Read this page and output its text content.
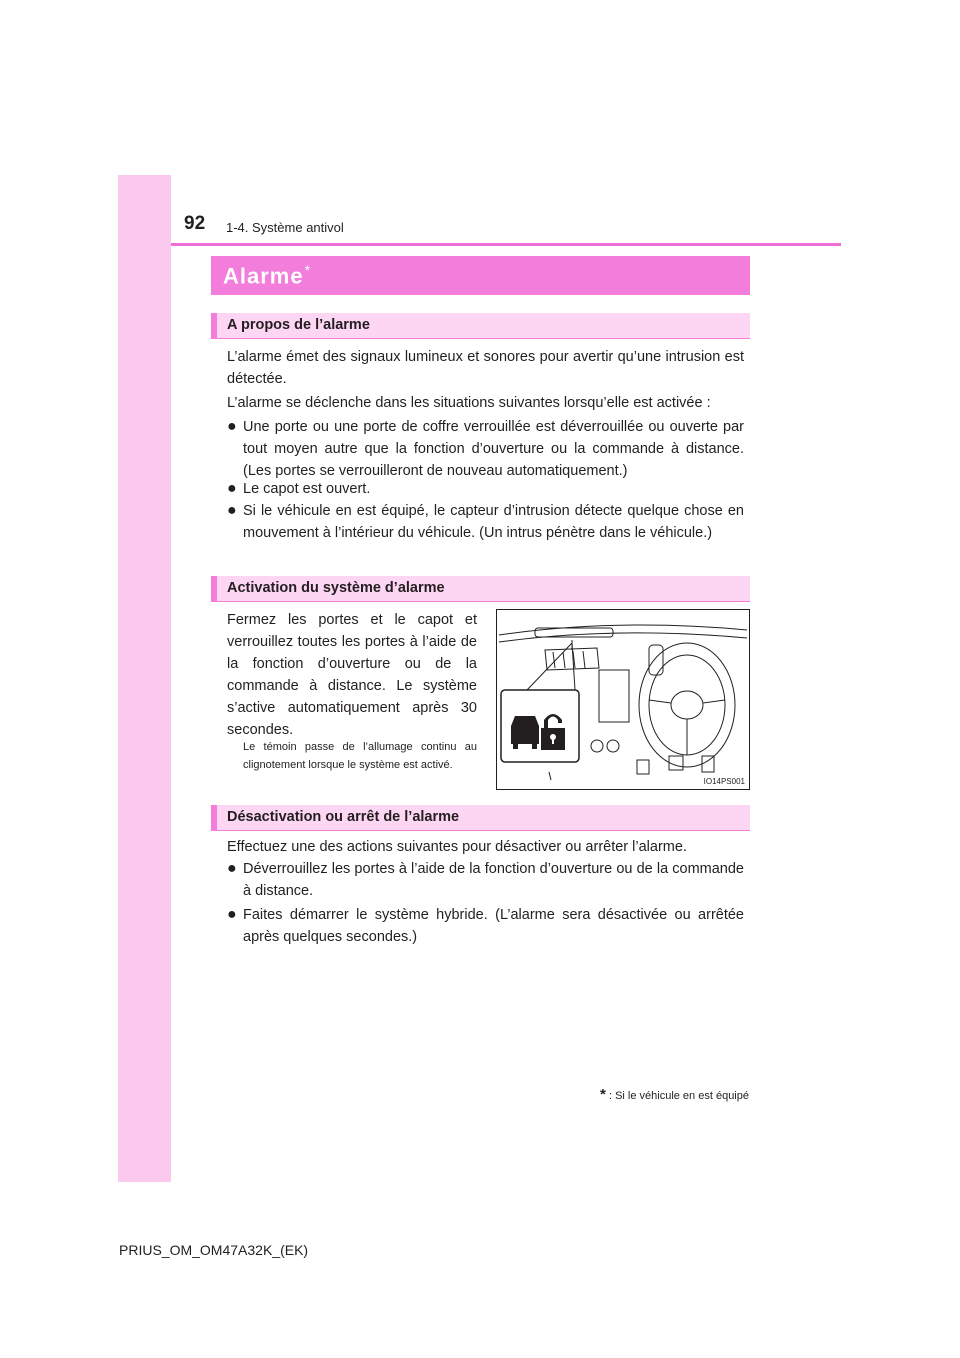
92 1-4. Système antivol
Alarme*
A propos de l’alarme
L’alarme émet des signaux lumineux et sonores pour avertir qu’une intrusion est détectée.
L’alarme se déclenche dans les situations suivantes lorsqu’elle est activée :
● Une porte ou une porte de coffre verrouillée est déverrouillée ou ouverte par tout moyen autre que la fonction d’ouverture ou la commande à distance. (Les portes se verrouilleront de nouveau automatiquement.)
● Le capot est ouvert.
● Si le véhicule en est équipé, le capteur d’intrusion détecte quelque chose en mouvement à l’intérieur du véhicule. (Un intrus pénètre dans le véhicule.)
Activation du système d’alarme
Fermez les portes et le capot et verrouillez toutes les portes à l’aide de la fonction d’ouverture ou de la commande à distance. Le système s’active automatiquement après 30 secondes.
Le témoin passe de l’allumage continu au clignotement lorsque le système est activé.
IO14PS001
Désactivation ou arrêt de l’alarme
Effectuez une des actions suivantes pour désactiver ou arrêter l’alarme.
● Déverrouillez les portes à l’aide de la fonction d’ouverture ou de la commande à distance.
● Faites démarrer le système hybride. (L’alarme sera désactivée ou arrêtée après quelques secondes.)
* : Si le véhicule en est équipé
PRIUS_OM_OM47A32K_(EK)
